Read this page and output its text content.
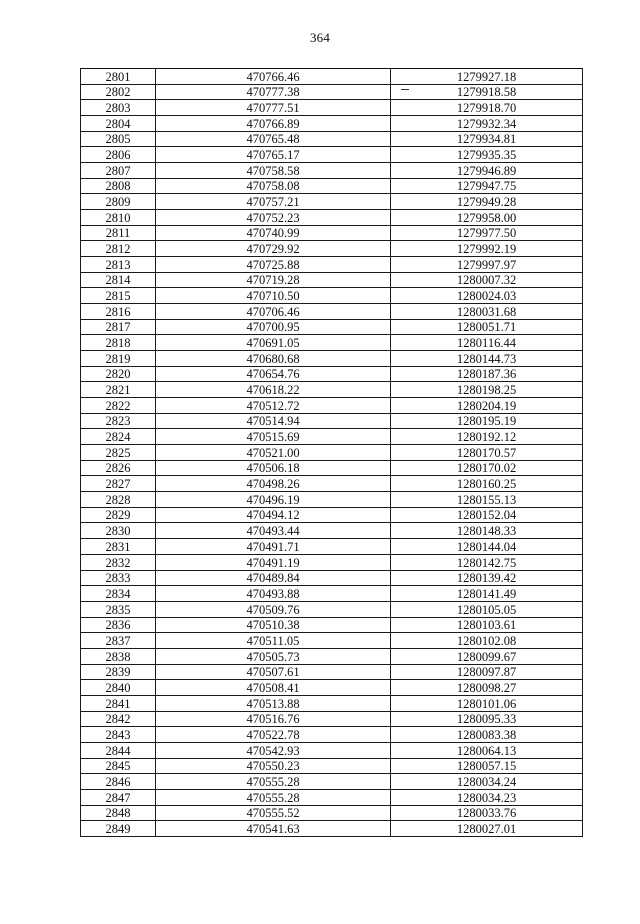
364
2801	470766.46	1279927.18
2802	470777.38	1279918.58

2803	470777.51	1279918.70
2804	470766.89	1279932.34
2805	470765.48	1279934.81
2806	470765.17	1279935.35
2807	470758.58	1279946.89
2808	470758.08	1279947.75
2809	470757.21	1279949.28
2810	470752.23	1279958.00
2811	470740.99	1279977.50
2812	470729.92	1279992.19
2813	470725.88	1279997.97
2814	470719.28	1280007.32
2815	470710.50	1280024.03
2816	470706.46	1280031.68
2817	470700.95	1280051.71
2818	470691.05	1280116.44
2819	470680.68	1280144.73
2820	470654.76	1280187.36
2821	470618.22	1280198.25
2822	470512.72	1280204.19
2823	470514.94	1280195.19
2824	470515.69	1280192.12
2825	470521.00	1280170.57
2826	470506.18	1280170.02
2827	470498.26	1280160.25
2828	470496.19	1280155.13
2829	470494.12	1280152.04
2830	470493.44	1280148.33
2831	470491.71	1280144.04
2832	470491.19	1280142.75
2833	470489.84	1280139.42
2834	470493.88	1280141.49
2835	470509.76	1280105.05
2836	470510.38	1280103.61
2837	470511.05	1280102.08
2838	470505.73	1280099.67
2839	470507.61	1280097.87
2840	470508.41	1280098.27
2841	470513.88	1280101.06
2842	470516.76	1280095.33
2843	470522.78	1280083.38
2844	470542.93	1280064.13
2845	470550.23	1280057.15
2846	470555.28	1280034.24
2847	470555.28	1280034.23
2848	470555.52	1280033.76
2849	470541.63	1280027.01
